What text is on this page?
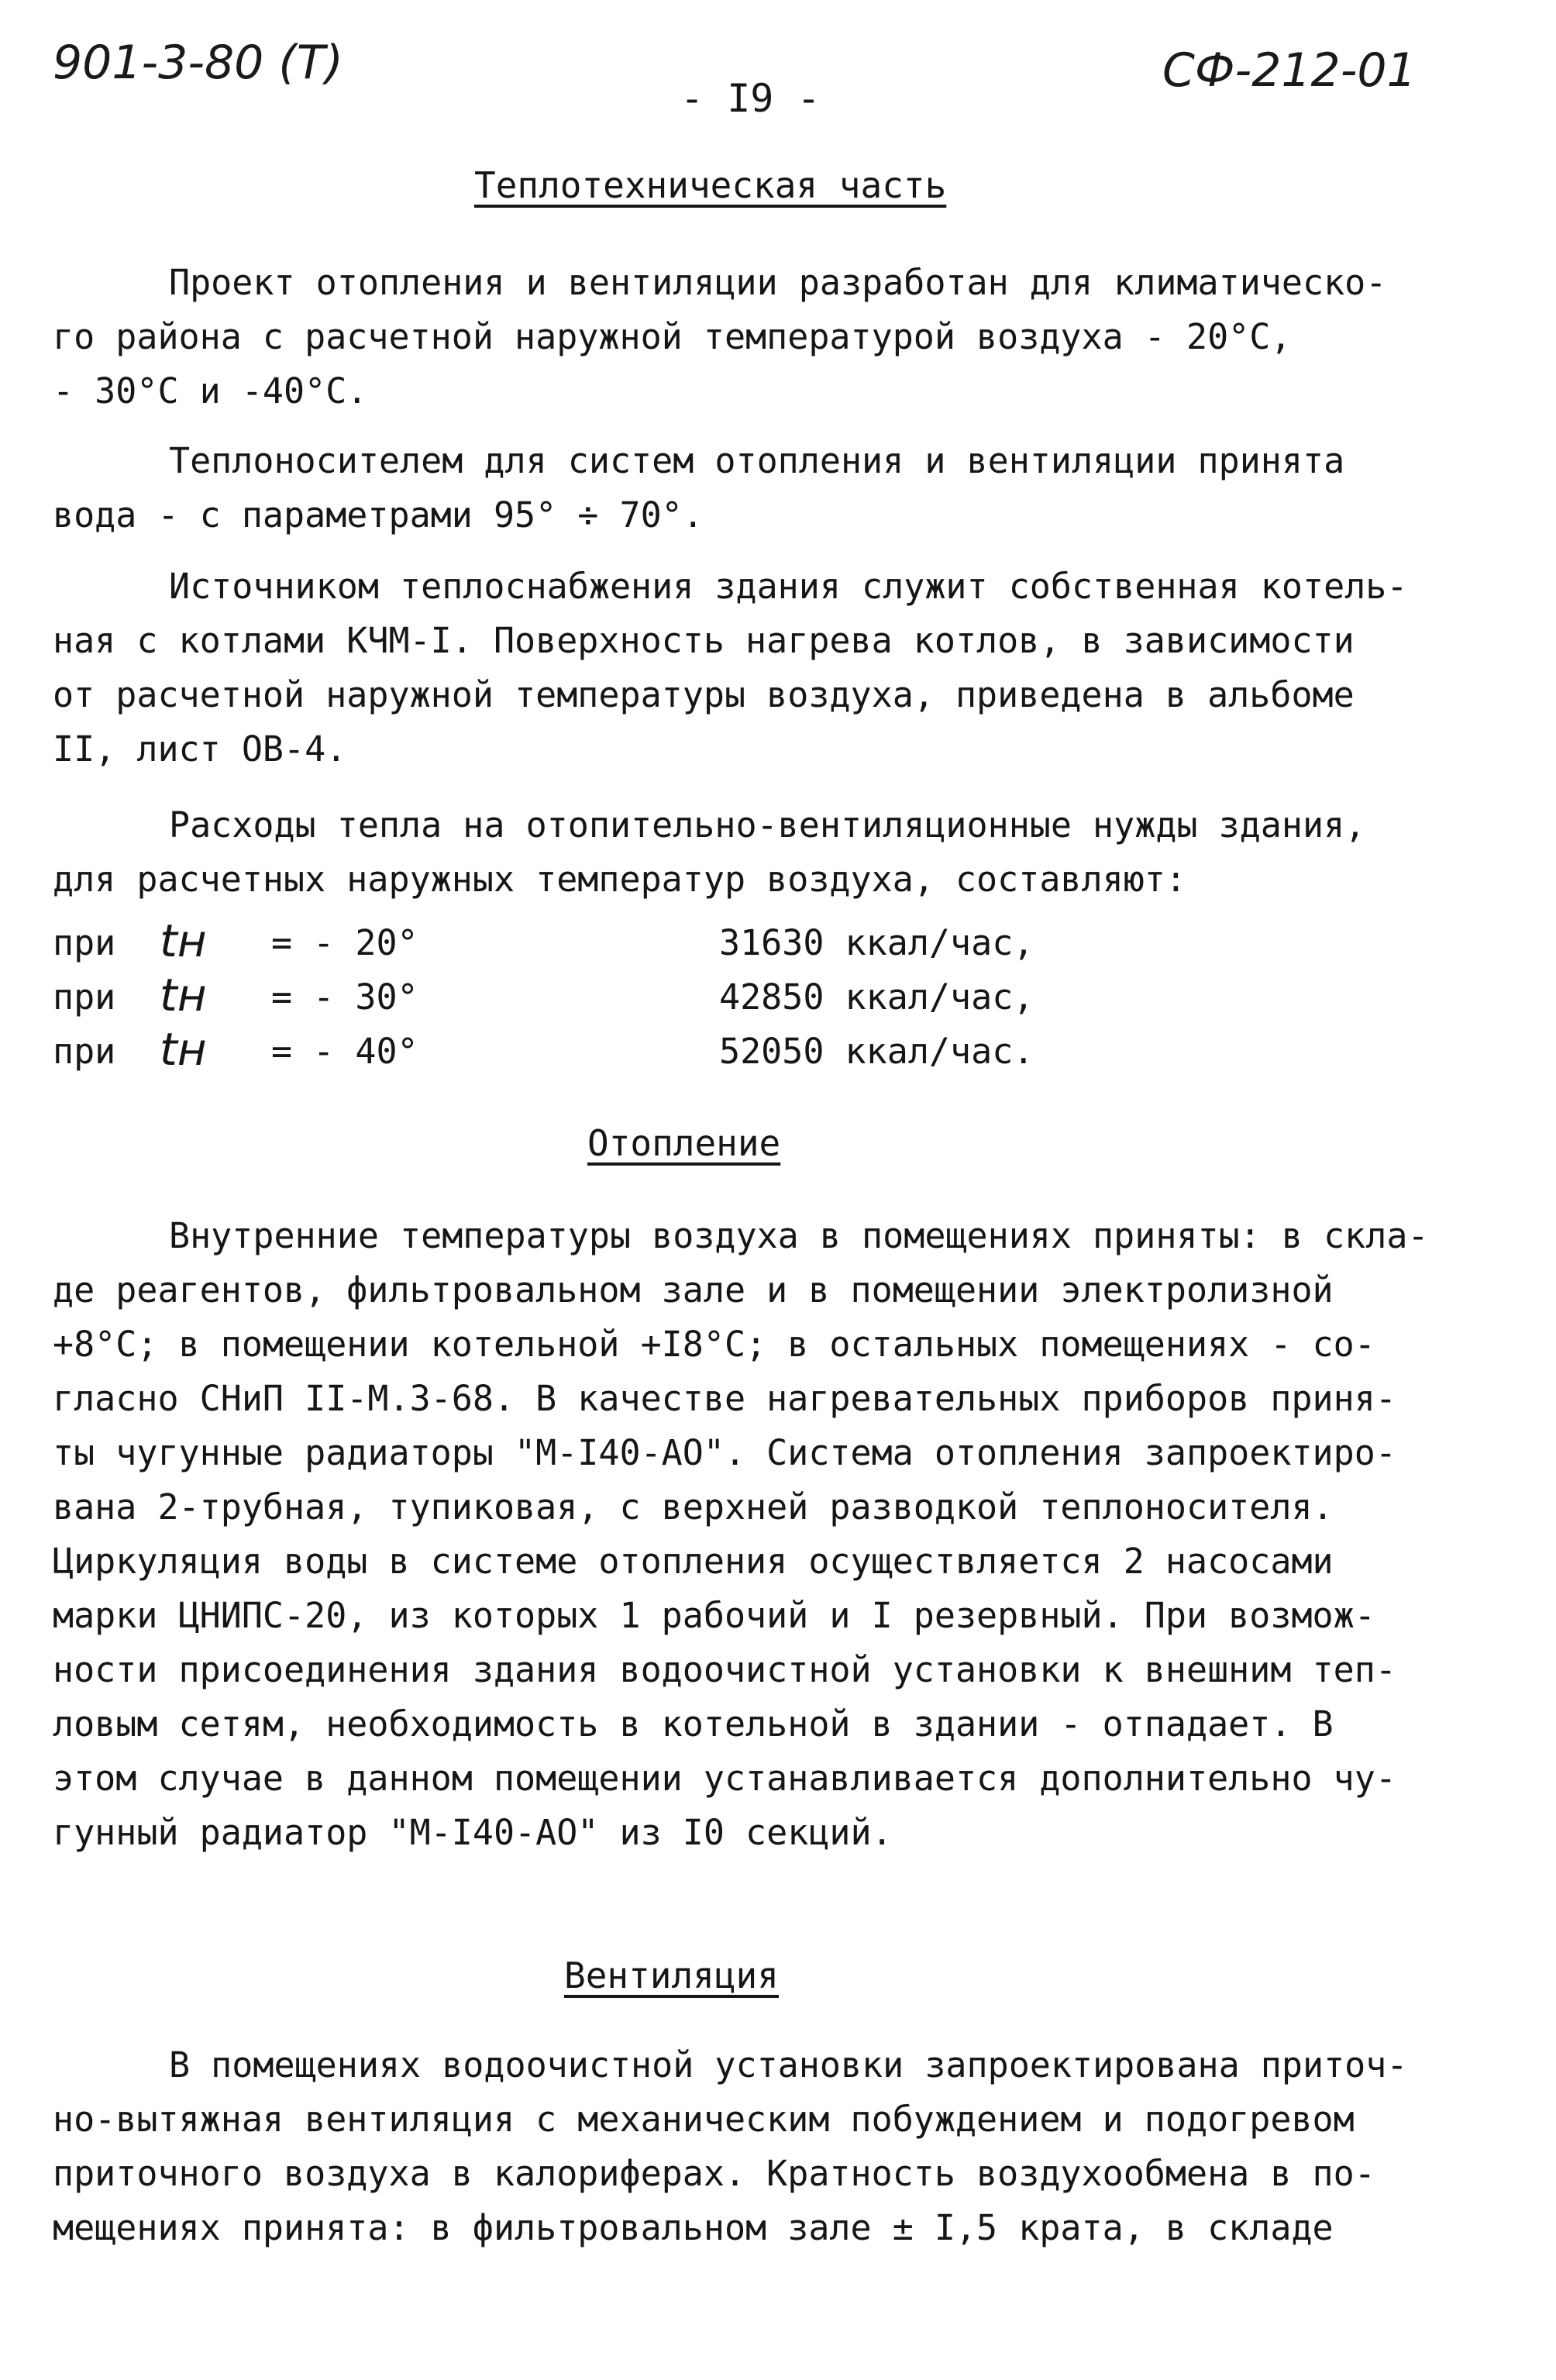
901-3-80 (T)
- I9 -
СФ-212-01
Теплотехническая часть
Проект отопления и вентиляции разработан для климатическо-
го района с расчетной наружной температурой воздуха - 20°С,
- 30°С и -40°С.
Теплоносителем для систем отопления и вентиляции принята
вода - с параметрами 95° ÷ 70°.
Источником теплоснабжения здания служит собственная котель-
ная с котлами КЧМ-I. Поверхность нагрева котлов, в зависимости
от расчетной наружной температуры воздуха, приведена в альбоме
II, лист ОВ-4.
Расходы тепла на отопительно-вентиляционные нужды здания,
для расчетных наружных температур воздуха, составляют:
при tн = - 20°	31630 ккал/час,
при tн = - 30°	42850 ккал/час,
при tн = - 40°	52050 ккал/час.
Отопление
Внутренние температуры воздуха в помещениях приняты: в скла-
де реагентов, фильтровальном зале и в помещении электролизной
+8°С; в помещении котельной +I8°С; в остальных помещениях - со-
гласно СНиП II-М.3-68. В качестве нагревательных приборов приня-
ты чугунные радиаторы "М-I40-АО". Система отопления запроектиро-
вана 2-трубная, тупиковая, с верхней разводкой теплоносителя.
Циркуляция воды в системе отопления осуществляется 2 насосами
марки ЦНИПС-20, из которых 1 рабочий и I резервный. При возмож-
ности присоединения здания водоочистной установки к внешним теп-
ловым сетям, необходимость в котельной в здании - отпадает. В
этом случае в данном помещении устанавливается дополнительно чу-
гунный радиатор "М-I40-АО" из I0 секций.
Вентиляция
В помещениях водоочистной установки запроектирована приточ-
но-вытяжная вентиляция с механическим побуждением и подогревом
приточного воздуха в калориферах. Кратность воздухообмена в по-
мещениях принята: в фильтровальном зале ± I,5 крата, в складе
